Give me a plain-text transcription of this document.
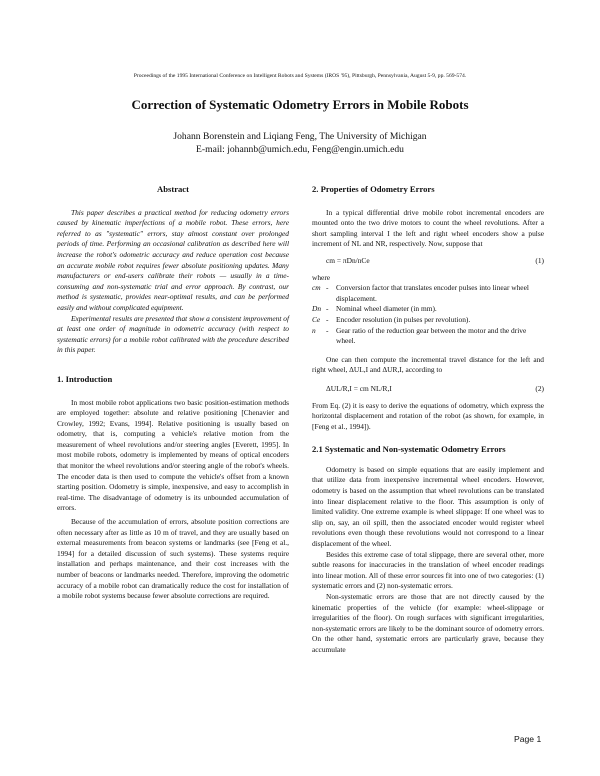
Proceedings of the 1995 International Conference on Intelligent Robots and Systems (IROS '95), Pittsburgh, Pennsylvania, August 5-9, pp. 569-574.
Correction of Systematic Odometry Errors in Mobile Robots
Johann Borenstein and Liqiang Feng, The University of Michigan
E-mail: johannb@umich.edu, Feng@engin.umich.edu
Abstract

This paper describes a practical method for reducing odometry errors caused by kinematic imperfections of a mobile robot. These errors, here referred to as "systematic" errors, stay almost constant over prolonged periods of time. Performing an occasional calibration as described here will increase the robot's odometric accuracy and reduce operation cost because an accurate mobile robot requires fewer absolute positioning updates. Many manufacturers or end-users calibrate their robots — usually in a time-consuming and non-systematic trial and error approach. By contrast, our method is systematic, provides near-optimal results, and can be performed easily and without complicated equipment.

Experimental results are presented that show a consistent improvement of at least one order of magnitude in odometric accuracy (with respect to systematic errors) for a mobile robot calibrated with the procedure described in this paper.

1. Introduction

In most mobile robot applications two basic position-estimation methods are employed together: absolute and relative positioning [Chenavier and Crowley, 1992; Evans, 1994]. Relative positioning is usually based on odometry, that is, computing a vehicle's relative motion from the measurement of wheel revolutions and/or steering angles [Everett, 1995]. In most mobile robots, odometry is implemented by means of optical encoders that monitor the wheel revolutions and/or steering angle of the robot's wheels. The encoder data is then used to compute the vehicle's offset from a known starting position. Odometry is simple, inexpensive, and easy to accomplish in real-time. The disadvantage of odometry is its unbounded accumulation of errors.

Because of the accumulation of errors, absolute position corrections are often necessary after as little as 10 m of travel, and they are usually based on external measurements from beacon systems or landmarks (see [Feng et al., 1994] for a detailed discussion of such systems). These systems require installation and perhaps maintenance, and their cost increases with the number of beacons or landmarks needed. Therefore, improving the odometric accuracy of a mobile robot can dramatically reduce the cost for installation of a mobile robot systems because fewer absolute corrections are required.

2. Properties of Odometry Errors

In a typical differential drive mobile robot incremental encoders are mounted onto the two drive motors to count the wheel revolutions. After a short sampling interval I the left and right wheel encoders show a pulse increment of NL and NR, respectively. Now, suppose that

cm = πDn/nCe	(1)
where
cm -	Conversion factor that translates encoder pulses into linear wheel displacement.
Dn -	Nominal wheel diameter (in mm).
Ce -	Encoder resolution (in pulses per revolution).
n	-	Gear ratio of the reduction gear between the motor and the drive wheel.

One can then compute the incremental travel distance for the left and right wheel, ΔUL,I and ΔUR,I, according to

ΔUL/R,I = cm NL/R,I	(2)

From Eq. (2) it is easy to derive the equations of odometry, which express the horizontal displacement and rotation of the robot (as shown, for example, in [Feng et al., 1994]).

2.1 Systematic and Non-systematic Odometry Errors

Odometry is based on simple equations that are easily implement and that utilize data from inexpensive incremental wheel encoders. However, odometry is based on the assumption that wheel revolutions can be translated into linear displacement relative to the floor. This assumption is only of limited validity. One extreme example is wheel slippage: If one wheel was to slip on, say, an oil spill, then the associated encoder would register wheel revolutions even though these revolutions would not correspond to a linear displacement of the wheel.

Besides this extreme case of total slippage, there are several other, more subtle reasons for inaccuracies in the translation of wheel encoder readings into linear motion. All of these error sources fit into one of two categories: (1) systematic errors and (2) non-systematic errors.

Non-systematic errors are those that are not directly caused by the kinematic properties of the vehicle (for example: wheel-slippage or irregularities of the floor). On rough surfaces with significant irregularities, non-systematic errors are likely to be the dominant source of odometry errors. On the other hand, systematic errors are particularly grave, because they accumulate

Page 1
